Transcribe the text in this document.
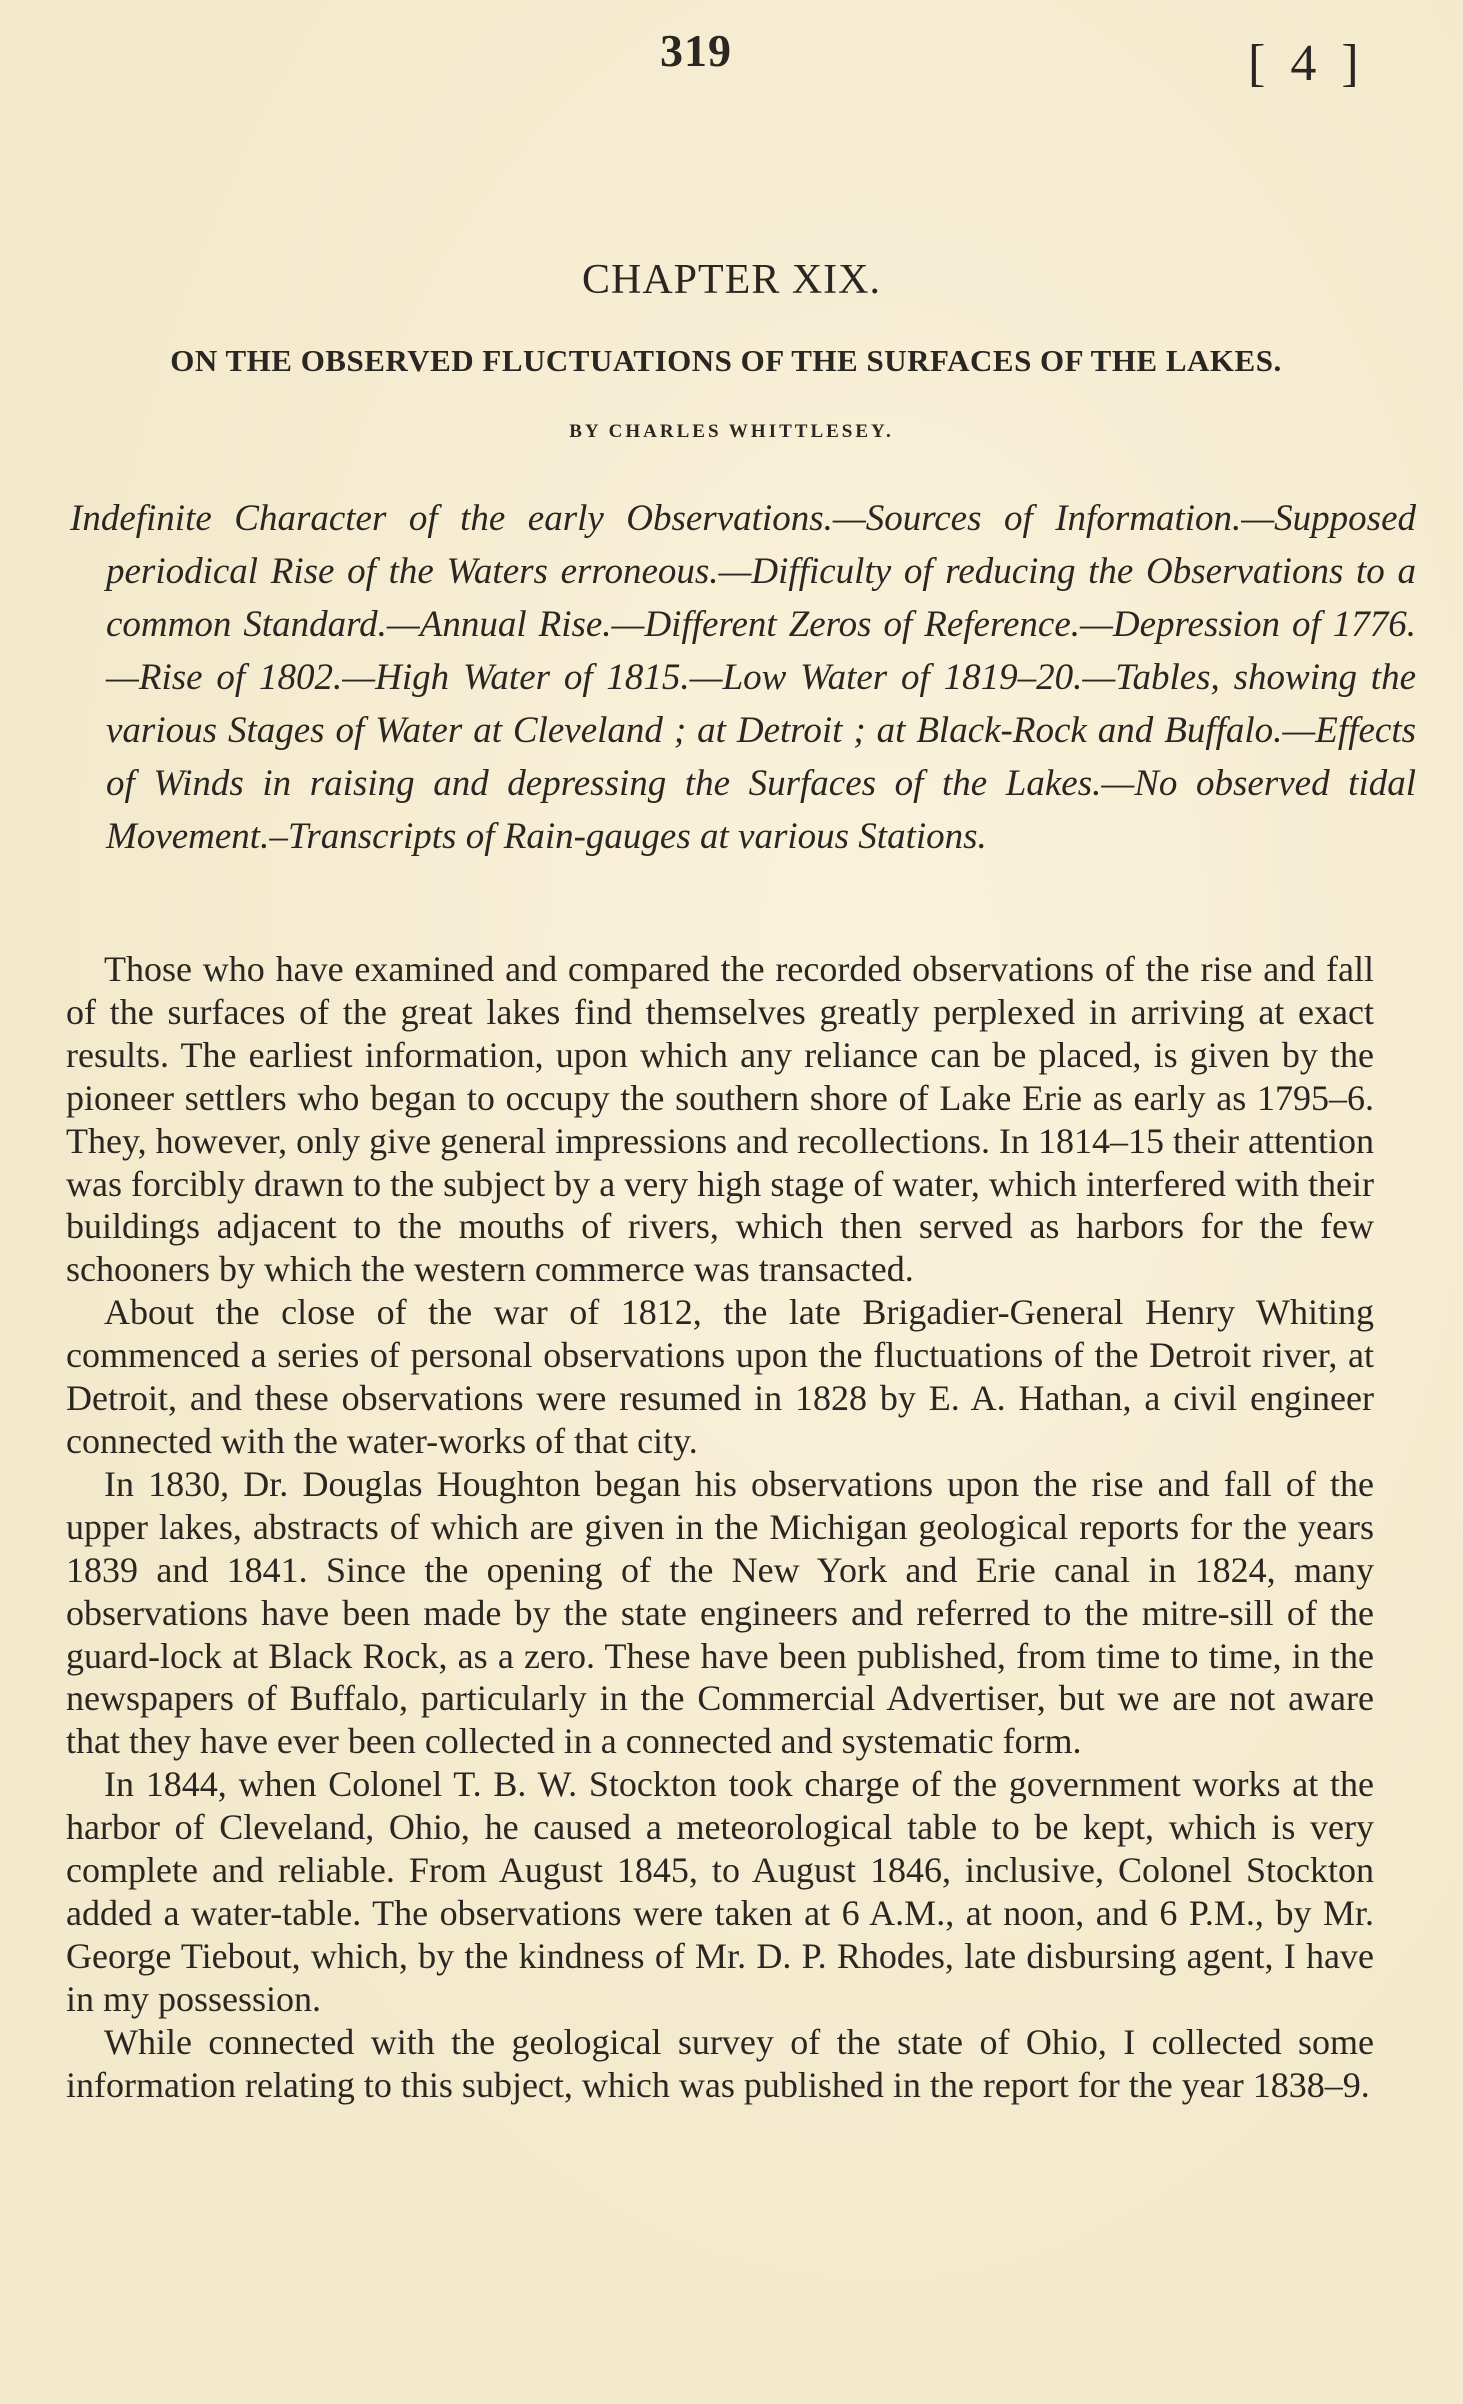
319	[ 4 ]
CHAPTER XIX.
ON THE OBSERVED FLUCTUATIONS OF THE SURFACES OF THE LAKES.
BY CHARLES WHITTLESEY.
Indefinite Character of the early Observations.—Sources of Information.—Supposed periodical Rise of the Waters erroneous.—Difficulty of reducing the Observations to a common Standard.—Annual Rise.—Different Zeros of Reference.—Depression of 1776.—Rise of 1802.—High Water of 1815.—Low Water of 1819–20.—Tables, showing the various Stages of Water at Cleveland ; at Detroit ; at Black-Rock and Buffalo.—Effects of Winds in raising and depressing the Surfaces of the Lakes.—No observed tidal Movement.–Transcripts of Rain-gauges at various Stations.

Those who have examined and compared the recorded observations of the rise and fall of the surfaces of the great lakes find themselves greatly perplexed in arriving at exact results. The earliest information, upon which any reliance can be placed, is given by the pioneer settlers who began to occupy the southern shore of Lake Erie as early as 1795–6. They, however, only give general impressions and recollections. In 1814–15 their attention was forcibly drawn to the subject by a very high stage of water, which interfered with their buildings adjacent to the mouths of rivers, which then served as harbors for the few schooners by which the western commerce was transacted.

About the close of the war of 1812, the late Brigadier-General Henry Whiting commenced a series of personal observations upon the fluctuations of the Detroit river, at Detroit, and these observations were resumed in 1828 by E. A. Hathan, a civil engineer connected with the water-works of that city.

In 1830, Dr. Douglas Houghton began his observations upon the rise and fall of the upper lakes, abstracts of which are given in the Michigan geological reports for the years 1839 and 1841. Since the opening of the New York and Erie canal in 1824, many observations have been made by the state engineers and referred to the mitre-sill of the guard-lock at Black Rock, as a zero. These have been published, from time to time, in the newspapers of Buffalo, particularly in the Commercial Advertiser, but we are not aware that they have ever been collected in a connected and systematic form.

In 1844, when Colonel T. B. W. Stockton took charge of the government works at the harbor of Cleveland, Ohio, he caused a meteorological table to be kept, which is very complete and reliable. From August 1845, to August 1846, inclusive, Colonel Stockton added a water-table. The observations were taken at 6 A.M., at noon, and 6 P.M., by Mr. George Tiebout, which, by the kindness of Mr. D. P. Rhodes, late disbursing agent, I have in my possession.

While connected with the geological survey of the state of Ohio, I collected some information relating to this subject, which was published in the report for the year 1838–9.
